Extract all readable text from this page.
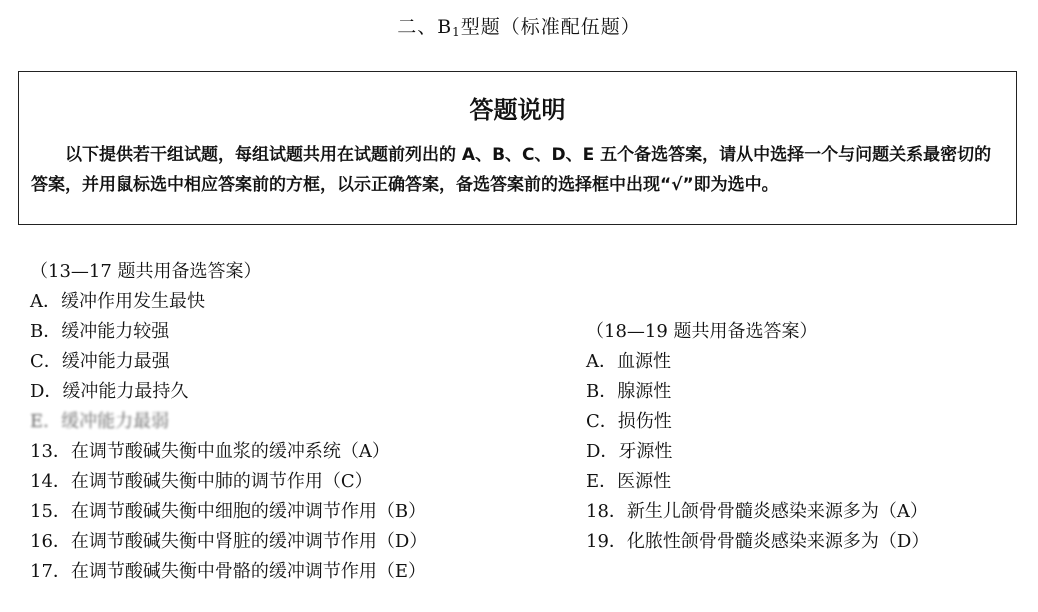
二、$B_1$型题（标准配伍题）
答题说明
以下提供若干组试题，每组试题共用在试题前列出的 A、B、C、D、E 五个备选答案，请从中选择一个与问题关系最密切的答案，并用鼠标选中相应答案前的方框，以示正确答案，备选答案前的选择框中出现“√”即为选中。
（13—17 题共用备选答案）
A．缓冲作用发生最快
B．缓冲能力较强
C．缓冲能力最强
D．缓冲能力最持久
E．缓冲能力最弱
13．在调节酸碱失衡中血浆的缓冲系统（A）
14．在调节酸碱失衡中肺的调节作用（C）
15．在调节酸碱失衡中细胞的缓冲调节作用（B）
16．在调节酸碱失衡中肾脏的缓冲调节作用（D）
17．在调节酸碱失衡中骨骼的缓冲调节作用（E）
（18—19 题共用备选答案）
A．血源性
B．腺源性
C．损伤性
D．牙源性
E．医源性
18．新生儿颌骨骨髓炎感染来源多为（A）
19．化脓性颌骨骨髓炎感染来源多为（D）
